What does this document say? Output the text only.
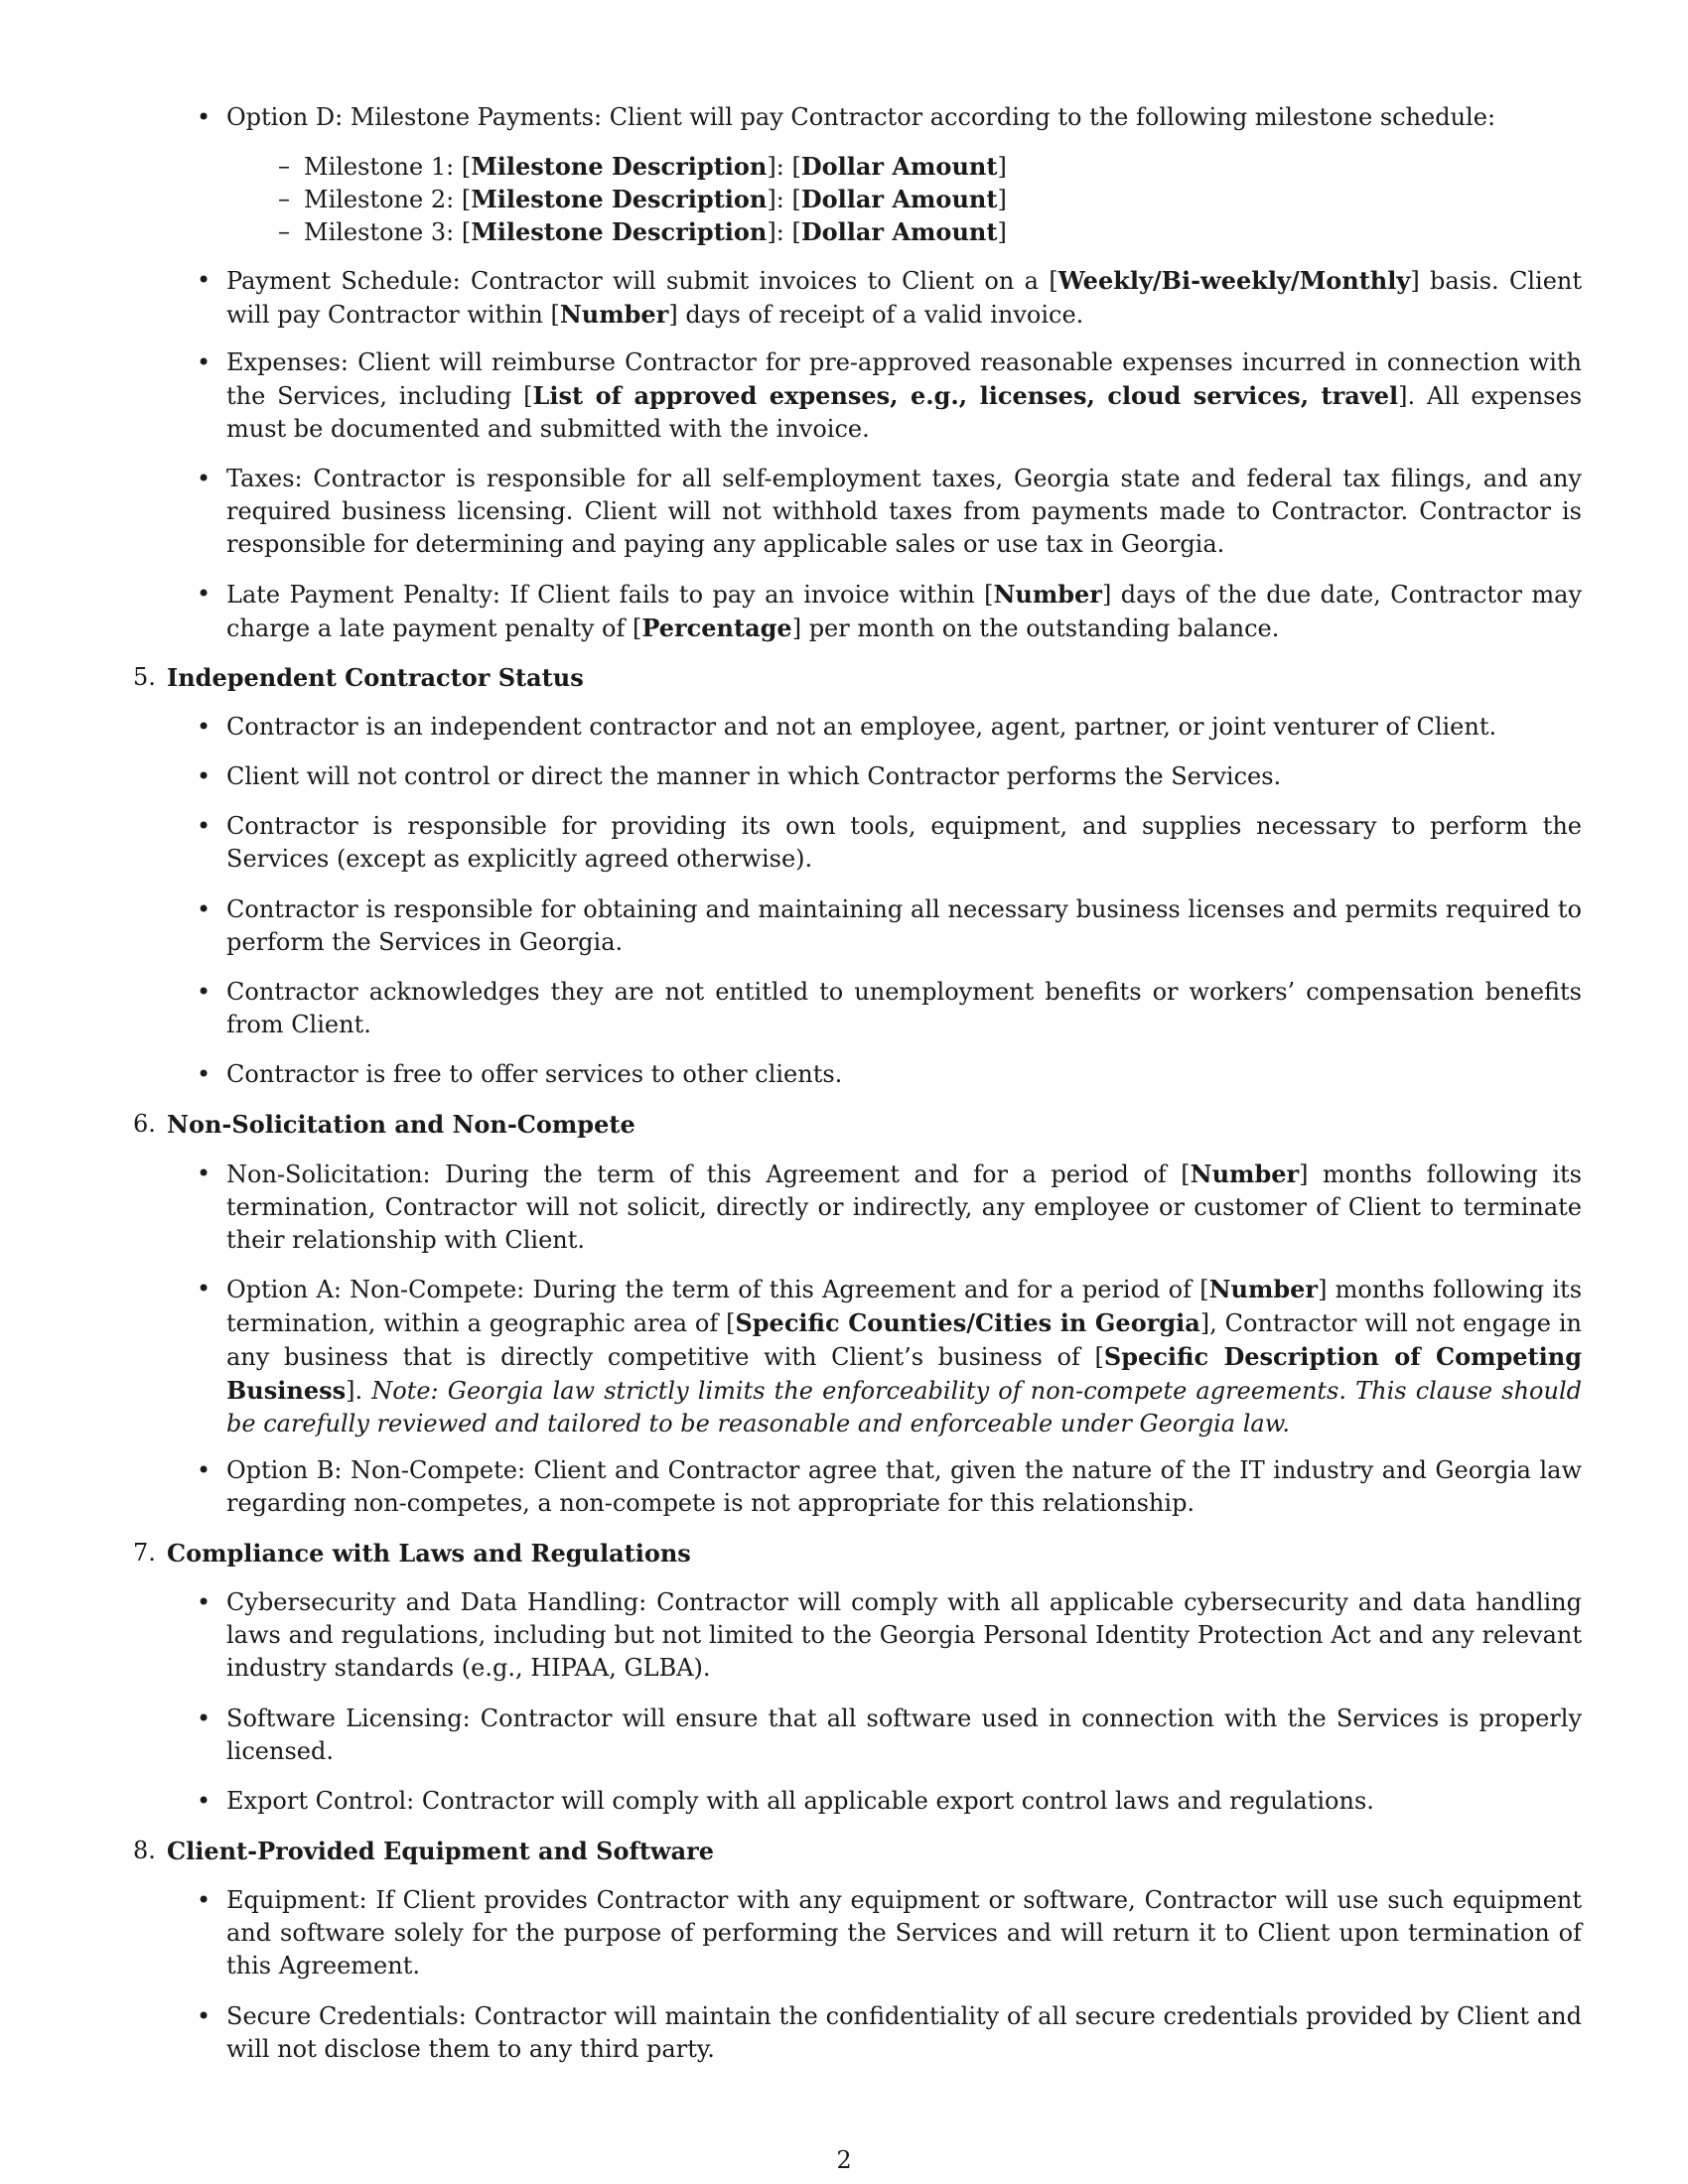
• Option D: Milestone Payments: Client will pay Contractor according to the following milestone schedule:

– Milestone 1: [Milestone Description]: [Dollar Amount]

– Milestone 2: [Milestone Description]: [Dollar Amount]

– Milestone 3: [Milestone Description]: [Dollar Amount]

• Payment Schedule: Contractor will submit invoices to Client on a [Weekly/Bi-weekly/Monthly] basis. Client will pay Contractor within [Number] days of receipt of a valid invoice.

• Expenses: Client will reimburse Contractor for pre-approved reasonable expenses incurred in connection with the Services, including [List of approved expenses, e.g., licenses, cloud services, travel]. All expenses must be documented and submitted with the invoice.

• Taxes: Contractor is responsible for all self-employment taxes, Georgia state and federal tax filings, and any required business licensing. Client will not withhold taxes from payments made to Contractor. Contractor is responsible for determining and paying any applicable sales or use tax in Georgia.

• Late Payment Penalty: If Client fails to pay an invoice within [Number] days of the due date, Contractor may charge a late payment penalty of [Percentage] per month on the outstanding balance.

5. Independent Contractor Status

• Contractor is an independent contractor and not an employee, agent, partner, or joint venturer of Client.

• Client will not control or direct the manner in which Contractor performs the Services.

• Contractor is responsible for providing its own tools, equipment, and supplies necessary to perform the Services (except as explicitly agreed otherwise).

• Contractor is responsible for obtaining and maintaining all necessary business licenses and permits required to perform the Services in Georgia.

• Contractor acknowledges they are not entitled to unemployment benefits or workers’ compensation benefits from Client.

• Contractor is free to offer services to other clients.

6. Non-Solicitation and Non-Compete

• Non-Solicitation: During the term of this Agreement and for a period of [Number] months following its termination, Contractor will not solicit, directly or indirectly, any employee or customer of Client to terminate their relationship with Client.

• Option A: Non-Compete: During the term of this Agreement and for a period of [Number] months following its termination, within a geographic area of [Specific Counties/Cities in Georgia], Contractor will not engage in any business that is directly competitive with Client’s business of [Specific Description of Competing Business]. Note: Georgia law strictly limits the enforceability of non-compete agreements. This clause should be carefully reviewed and tailored to be reasonable and enforceable under Georgia law.

• Option B: Non-Compete: Client and Contractor agree that, given the nature of the IT industry and Georgia law regarding non-competes, a non-compete is not appropriate for this relationship.

7. Compliance with Laws and Regulations

• Cybersecurity and Data Handling: Contractor will comply with all applicable cybersecurity and data handling laws and regulations, including but not limited to the Georgia Personal Identity Protection Act and any relevant industry standards (e.g., HIPAA, GLBA).

• Software Licensing: Contractor will ensure that all software used in connection with the Services is properly licensed.

• Export Control: Contractor will comply with all applicable export control laws and regulations.

8. Client-Provided Equipment and Software

• Equipment: If Client provides Contractor with any equipment or software, Contractor will use such equipment and software solely for the purpose of performing the Services and will return it to Client upon termination of this Agreement.

• Secure Credentials: Contractor will maintain the confidentiality of all secure credentials provided by Client and will not disclose them to any third party.

2
